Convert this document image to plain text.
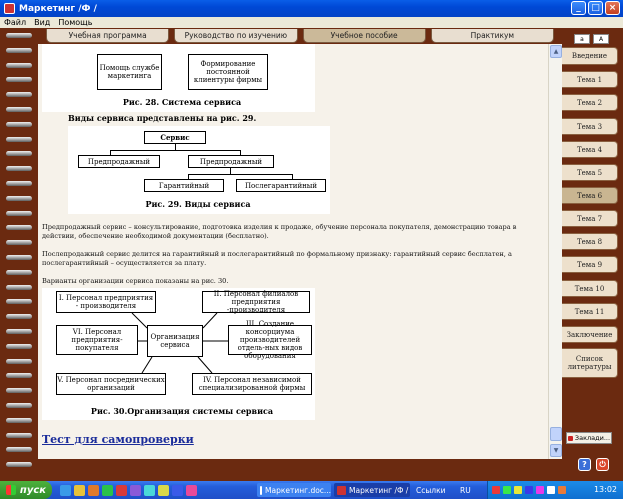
Маркетинг /Ф /	_	□ ×
Файл Вид Помощь
Учебная программа	Руководство по изучению	Учебное пособие	Практикум
Помощь службе маркетинга
Формирование постоянной клиентуры фирмы
Рис. 28. Система сервиса
Виды сервиса представлены на рис. 29.
Сервис
Предпродажный	Предпродажный
Гарантийный	Послегарантийный
Рис. 29. Виды сервиса
Предпродажный сервис – консультирование, подготовка изделия к продаже, обучение персонала покупателя, демонстрацию товара в действии, обеспечение необходимой документации (бесплатно).
Послепродажный сервис делится на гарантийный и послегарантийный по формальному признаку: гарантийный сервис бесплатен, а послегарантийный – осуществляется за плату.
Варианты организации сервиса показаны на рис. 30.
I. Персонал предприятия - производителя
II. Персонал филиалов предприятия -производителя
VI. Персонал предприятия-покупателя
Организация сервиса
III. Создание консорциума производителей отдель-ных видов оборудования
V. Персонал посреднических организаций
IV. Персонал независимой специализированной фирмы
Рис. 30.Организация системы сервиса
Тест для самопроверки
▲
▼
a	A
Введение
Тема 1
Тема 2
Тема 3
Тема 4
Тема 5
Тема 6
Тема 7
Тема 8
Тема 9
Тема 10
Тема 11
Заключение
Список литературы
Заклади...
?	⏻
пуск	Маркетинг.doc... Маркетинг /Ф / Ссылки RU	13:02
